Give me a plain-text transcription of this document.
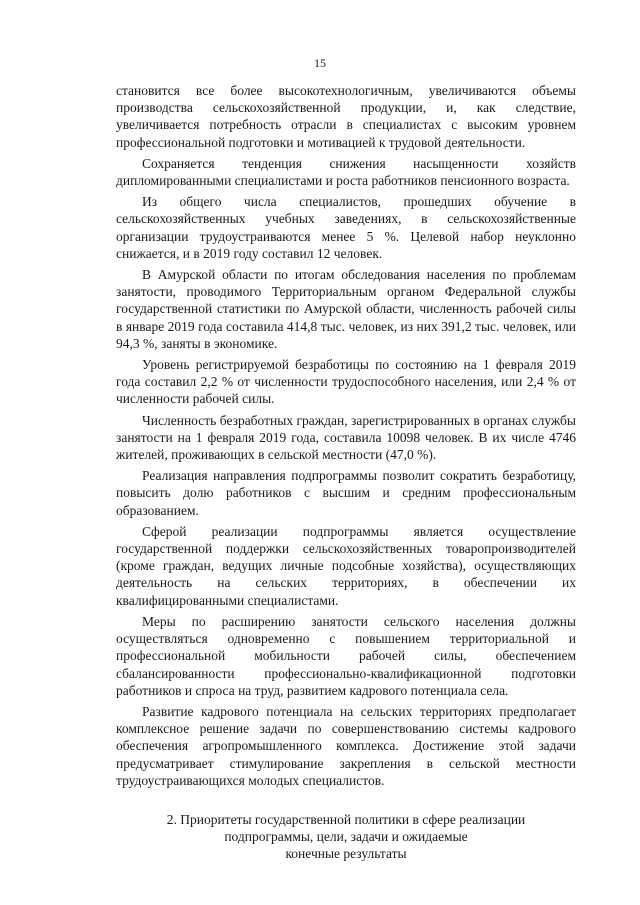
15

становится все более высокотехнологичным, увеличиваются объемы производства сельскохозяйственной продукции, и, как следствие, увеличивается потребность отрасли в специалистах с высоким уровнем профессиональной подготовки и мотивацией к трудовой деятельности.

Сохраняется тенденция снижения насыщенности хозяйств дипломированными специалистами и роста работников пенсионного возраста.

Из общего числа специалистов, прошедших обучение в сельскохозяйственных учебных заведениях, в сельскохозяйственные организации трудоустраиваются менее 5 %. Целевой набор неуклонно снижается, и в 2019 году составил 12 человек.

В Амурской области по итогам обследования населения по проблемам занятости, проводимого Территориальным органом Федеральной службы государственной статистики по Амурской области, численность рабочей силы в январе 2019 года составила 414,8 тыс. человек, из них 391,2 тыс. человек, или 94,3 %, заняты в экономике.

Уровень регистрируемой безработицы по состоянию на 1 февраля 2019 года составил 2,2 % от численности трудоспособного населения, или 2,4 % от численности рабочей силы.

Численность безработных граждан, зарегистрированных в органах службы занятости на 1 февраля 2019 года, составила 10098 человек. В их числе 4746 жителей, проживающих в сельской местности (47,0 %).

Реализация направления подпрограммы позволит сократить безработицу, повысить долю работников с высшим и средним профессиональным образованием.

Сферой реализации подпрограммы является осуществление государственной поддержки сельскохозяйственных товаропроизводителей (кроме граждан, ведущих личные подсобные хозяйства), осуществляющих деятельность на сельских территориях, в обеспечении их квалифицированными специалистами.

Меры по расширению занятости сельского населения должны осуществляться одновременно с повышением территориальной и профессиональной мобильности рабочей силы, обеспечением сбалансированности профессионально-квалификационной подготовки работников и спроса на труд, развитием кадрового потенциала села.

Развитие кадрового потенциала на сельских территориях предполагает комплексное решение задачи по совершенствованию системы кадрового обеспечения агропромышленного комплекса. Достижение этой задачи предусматривает стимулирование закрепления в сельской местности трудоустраивающихся молодых специалистов.

2. Приоритеты государственной политики в сфере реализации
подпрограммы, цели, задачи и ожидаемые
конечные результаты
